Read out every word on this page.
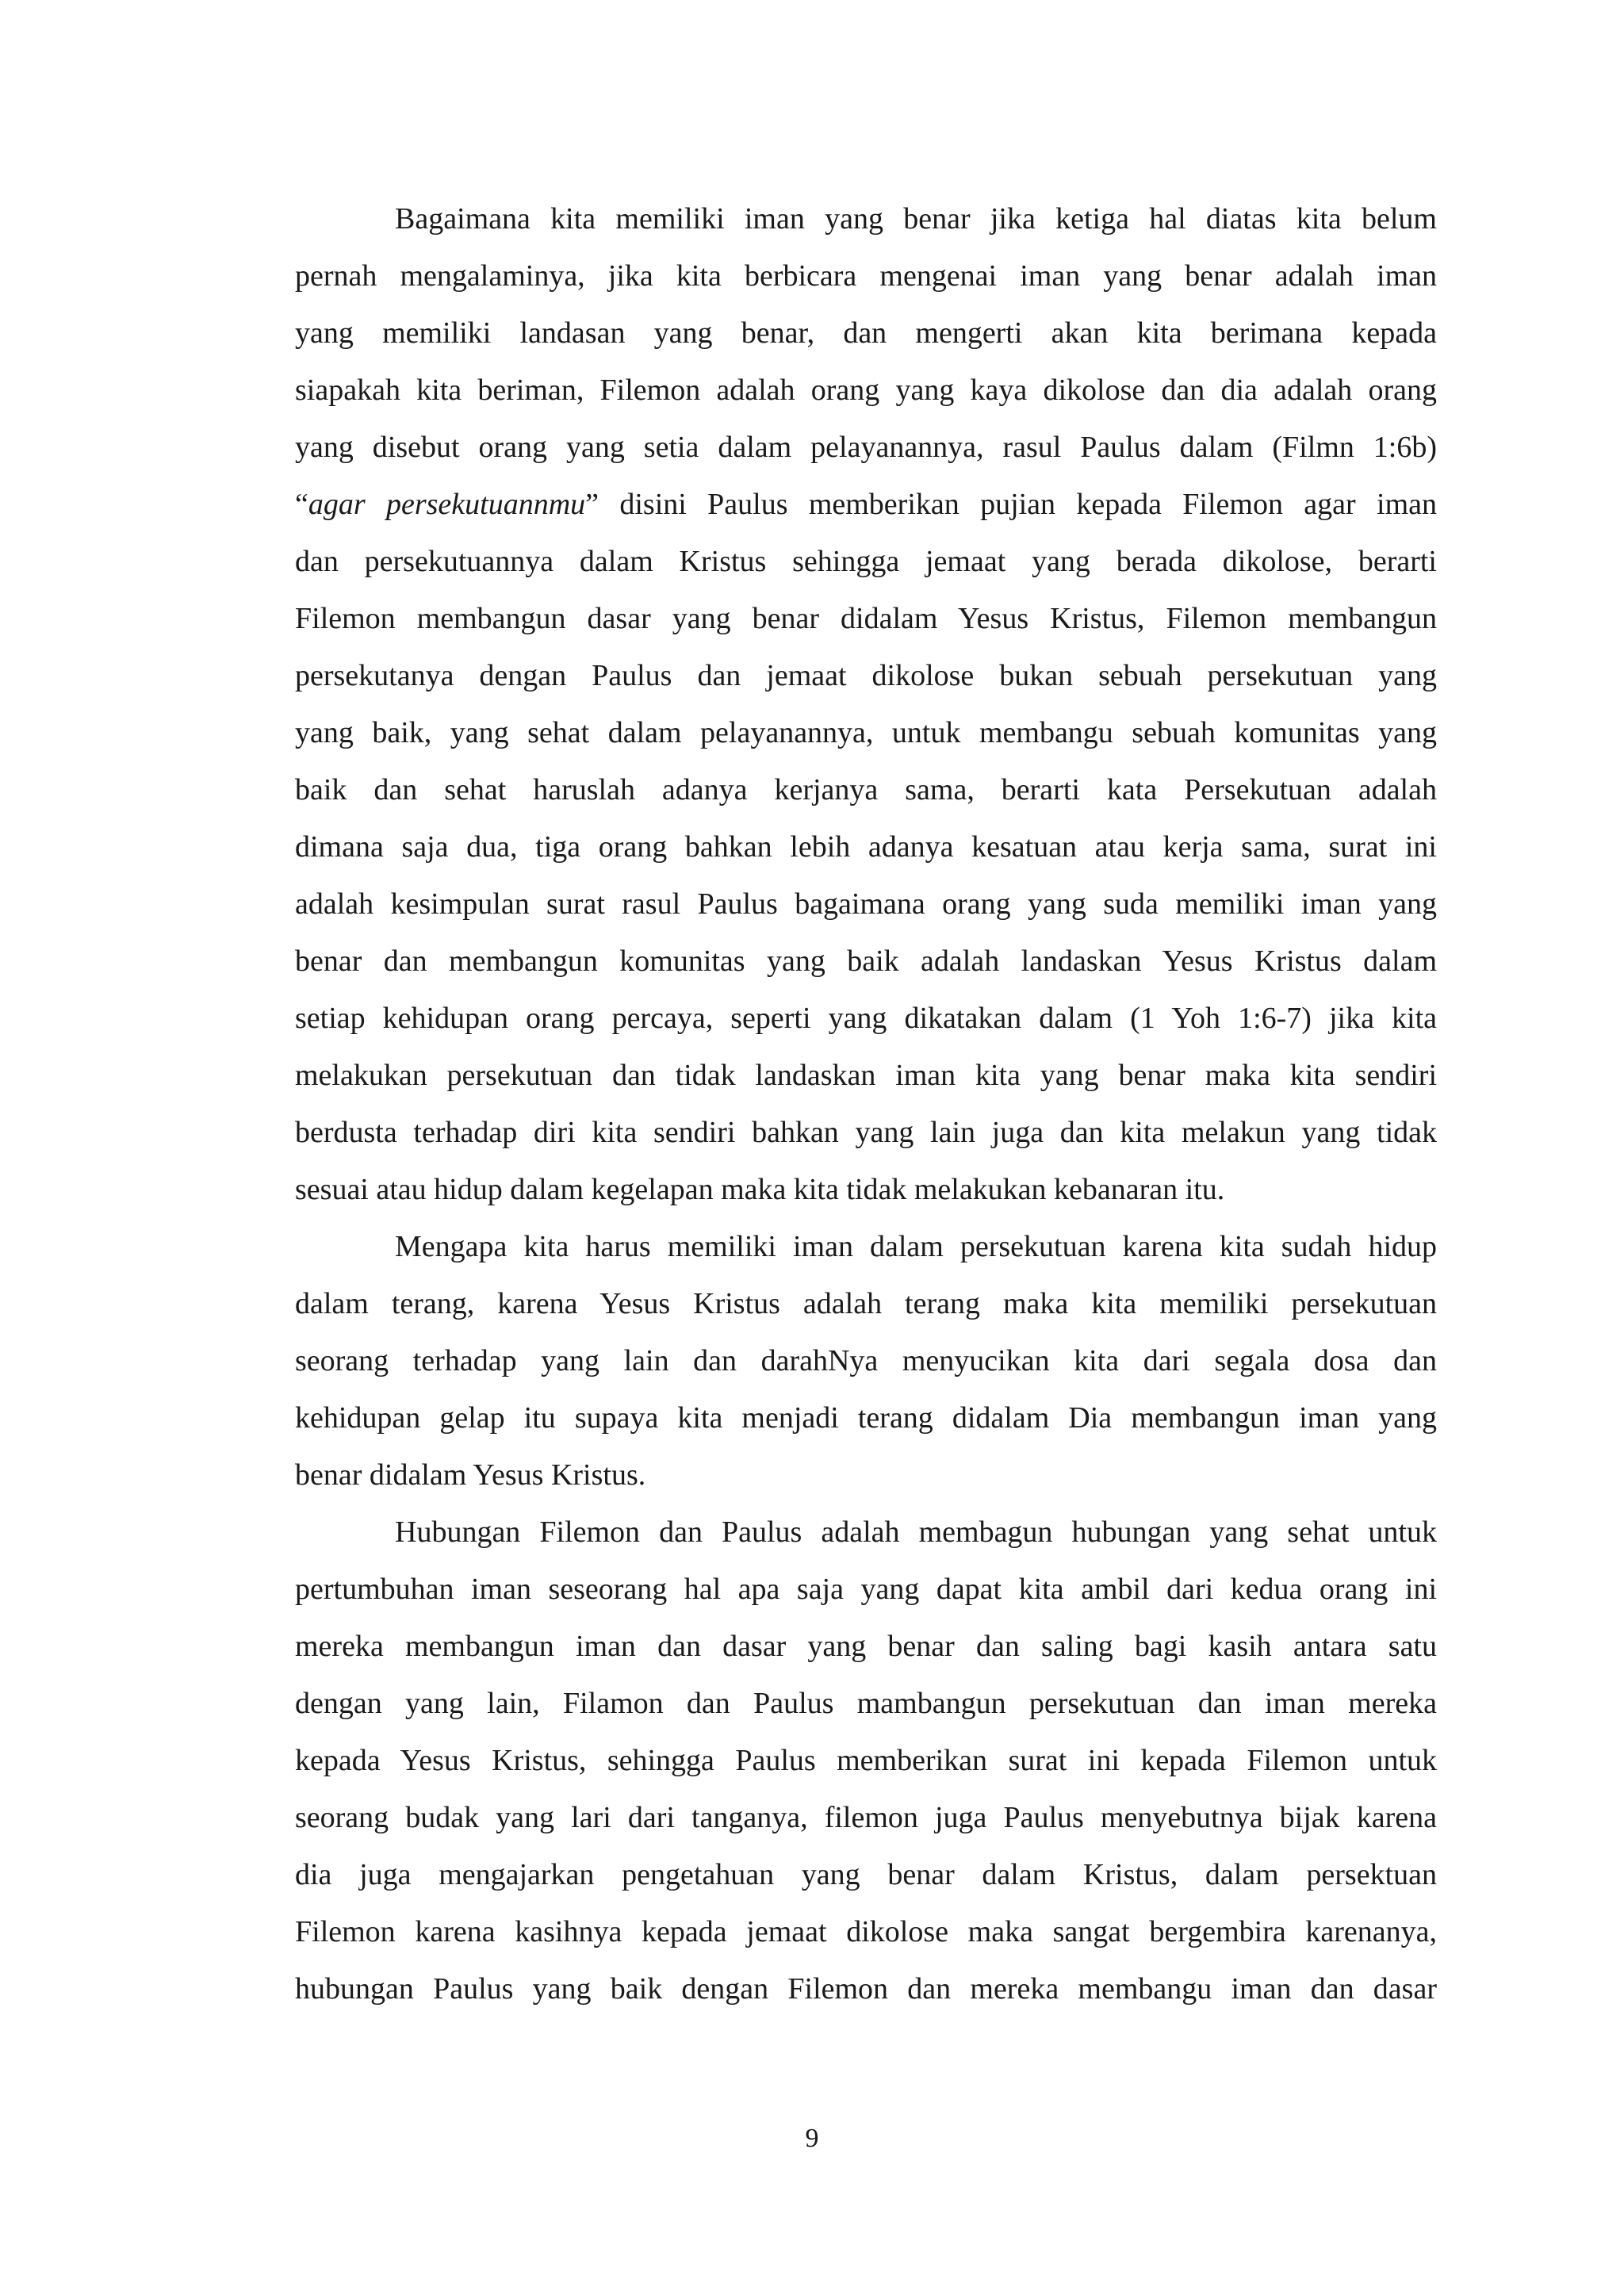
Bagaimana kita memiliki iman yang benar jika ketiga hal diatas kita belum
pernah mengalaminya, jika kita berbicara mengenai iman yang benar adalah iman
yang memiliki landasan yang benar, dan mengerti akan kita berimana kepada
siapakah kita beriman, Filemon adalah orang yang kaya dikolose dan dia adalah orang
yang disebut orang yang setia dalam pelayanannya, rasul Paulus dalam (Filmn 1:6b)
“agar persekutuannmu” disini Paulus memberikan pujian kepada Filemon agar iman
dan persekutuannya dalam Kristus sehingga jemaat yang berada dikolose, berarti
Filemon membangun dasar yang benar didalam Yesus Kristus, Filemon membangun
persekutanya dengan Paulus dan jemaat dikolose bukan sebuah persekutuan yang
yang baik, yang sehat dalam pelayanannya, untuk membangu sebuah komunitas yang
baik dan sehat haruslah adanya kerjanya sama, berarti kata Persekutuan adalah
dimana saja dua, tiga orang bahkan lebih adanya kesatuan atau kerja sama, surat ini
adalah kesimpulan surat rasul Paulus bagaimana orang yang suda memiliki iman yang
benar dan membangun komunitas yang baik adalah landaskan Yesus Kristus dalam
setiap kehidupan orang percaya, seperti yang dikatakan dalam (1 Yoh 1:6-7) jika kita
melakukan persekutuan dan tidak landaskan iman kita yang benar maka kita sendiri
berdusta terhadap diri kita sendiri bahkan yang lain juga dan kita melakun yang tidak
sesuai atau hidup dalam kegelapan maka kita tidak melakukan kebanaran itu.
Mengapa kita harus memiliki iman dalam persekutuan karena kita sudah hidup
dalam terang, karena Yesus Kristus adalah terang maka kita memiliki persekutuan
seorang terhadap yang lain dan darahNya menyucikan kita dari segala dosa dan
kehidupan gelap itu supaya kita menjadi terang didalam Dia membangun iman yang
benar didalam Yesus Kristus.
Hubungan Filemon dan Paulus adalah membagun hubungan yang sehat untuk
pertumbuhan iman seseorang hal apa saja yang dapat kita ambil dari kedua orang ini
mereka membangun iman dan dasar yang benar dan saling bagi kasih antara satu
dengan yang lain, Filamon dan Paulus mambangun persekutuan dan iman mereka
kepada Yesus Kristus, sehingga Paulus memberikan surat ini kepada Filemon untuk
seorang budak yang lari dari tanganya, filemon juga Paulus menyebutnya bijak karena
dia juga mengajarkan pengetahuan yang benar dalam Kristus, dalam persektuan
Filemon karena kasihnya kepada jemaat dikolose maka sangat bergembira karenanya,
hubungan Paulus yang baik dengan Filemon dan mereka membangu iman dan dasar
9
